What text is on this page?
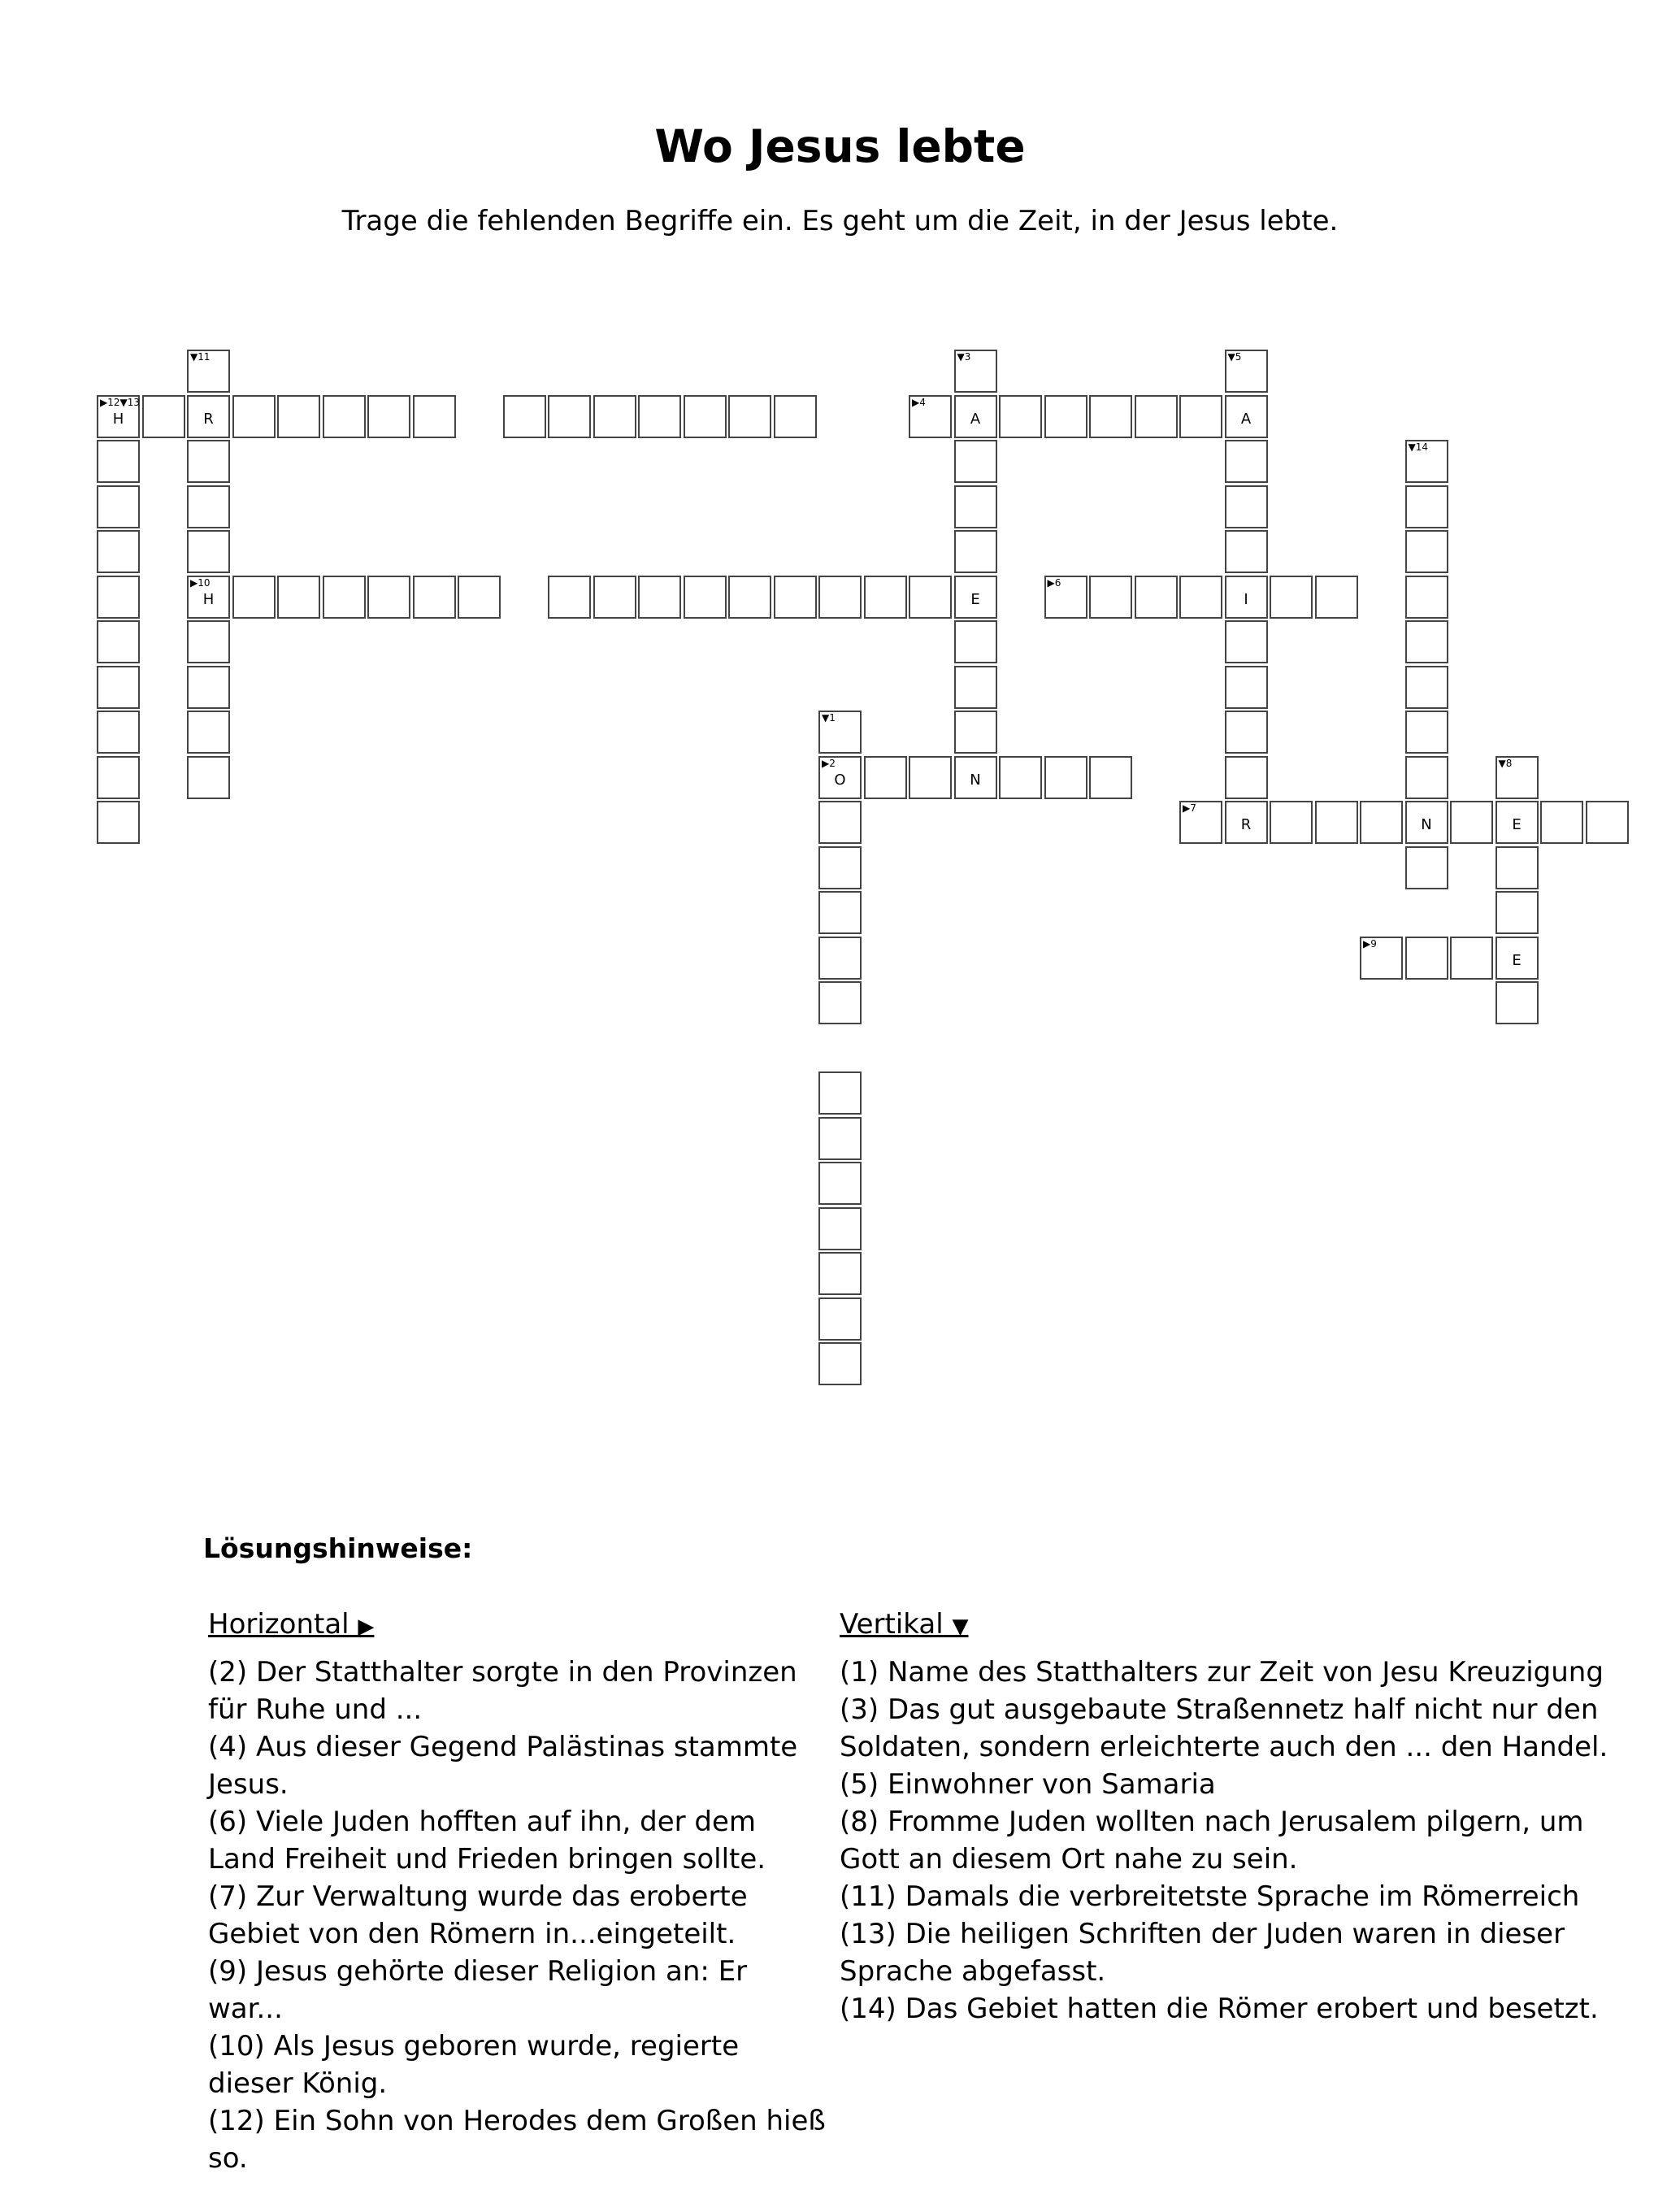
Wo Jesus lebte

Trage die fehlenden Begriffe ein. Es geht um die Zeit, in der Jesus lebte.

▶12▼13
H	R
▶4
A	A
▶10
H	E
▶6
I
▶2
O	N
▶7
R	N	E
▶9
E
▼11	▼3	▼5
▼14
▼1
▼8
Lösungshinweise:
Horizontal ▶

(2) Der Statthalter sorgte in den Provinzen für Ruhe und ...

(4) Aus dieser Gegend Palästinas stammte Jesus.

(6) Viele Juden hofften auf ihn, der dem Land Freiheit und Frieden bringen sollte.

(7) Zur Verwaltung wurde das eroberte Gebiet von den Römern in...eingeteilt.

(9) Jesus gehörte dieser Religion an: Er war...

(10) Als Jesus geboren wurde, regierte dieser König.

(12) Ein Sohn von Herodes dem Großen hieß so.

Vertikal ▼

(1) Name des Statthalters zur Zeit von Jesu Kreuzigung

(3) Das gut ausgebaute Straßennetz half nicht nur den Soldaten, sondern erleichterte auch den ... den Handel.

(5) Einwohner von Samaria

(8) Fromme Juden wollten nach Jerusalem pilgern, um Gott an diesem Ort nahe zu sein.

(11) Damals die verbreitetste Sprache im Römerreich

(13) Die heiligen Schriften der Juden waren in dieser Sprache abgefasst.

(14) Das Gebiet hatten die Römer erobert und besetzt.
